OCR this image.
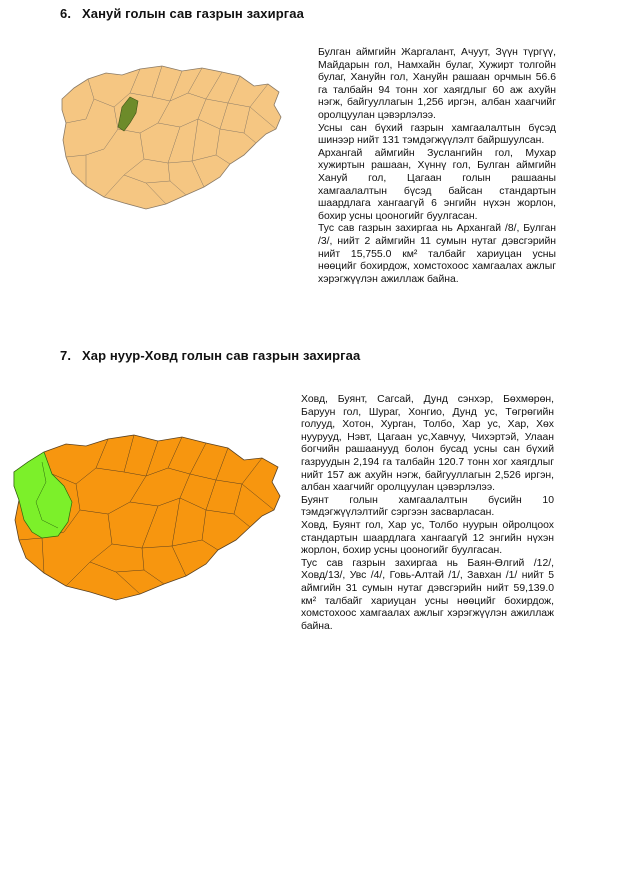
6. Хануй голын сав газрын захиргаа

Булган аймгийн Жаргалант, Ачуут, Зүүн түргүү, Майдарын гол, Намхайн булаг, Хужирт толгойн булаг, Хануйн гол, Хануйн рашаан орчмын 56.6 га талбайн 94 тонн хог хаягдлыг 60 аж ахуйн нэгж, байгууллагын 1,256 иргэн, албан хаагчийг оролцуулан цэвэрлэлээ.

Усны сан бүхий газрын хамгаалалтын бүсэд шинээр нийт 131 тэмдэгжүүлэлт байршуулсан.

Архангай аймгийн Зуслангийн гол, Мухар хужиртын рашаан, Хүннү гол, Булган аймгийн Хануй гол, Цагаан голын рашааны хамгаалалтын бүсэд байсан стандартын шаардлага хангаагүй 6 энгийн нүхэн жорлон, бохир усны цооногийг буулгасан.

Тус сав газрын захиргаа нь Архангай /8/, Булган /3/, нийт 2 аймгийн 11 сумын нутаг дэвсгэрийн нийт 15,755.0 км² талбайг хариуцан усны нөөцийг бохирдож, хомстохоос хамгаалах ажлыг хэрэгжүүлэн ажиллаж байна.

7. Хар нуур-Ховд голын сав газрын захиргаа

Ховд, Буянт, Сагсай, Дунд сэнхэр, Бөхмөрөн, Баруун гол, Шураг, Хонгио, Дунд ус, Төгрөгийн голууд, Хотон, Хурган, Толбо, Хар ус, Хар, Хөх нуурууд, Нэвт, Цагаан ус,Хавчуу, Чихэртэй, Улаан богчийн рашаанууд болон бусад усны сан бүхий газруудын 2,194 га талбайн 120.7 тонн хог хаягдлыг нийт 157 аж ахуйн нэгж, байгууллагын 2,526 иргэн, албан хаагчийг оролцуулан цэвэрлэлээ.

Буянт голын хамгаалалтын бүсийн 10 тэмдэгжүүлэлтийг сэргээн засварласан.

Ховд, Буянт гол, Хар ус, Толбо нуурын ойролцоох стандартын шаардлага хангаагүй 12 энгийн нүхэн жорлон, бохир усны цооногийг буулгасан.

Тус сав газрын захиргаа нь Баян-Өлгий /12/, Ховд/13/, Увс /4/, Говь-Алтай /1/, Завхан /1/ нийт 5 аймгийн 31 сумын нутаг дэвсгэрийн нийт 59,139.0 км² талбайг хариуцан усны нөөцийг бохирдож, хомстохоос хамгаалах ажлыг хэрэгжүүлэн ажиллаж байна.
